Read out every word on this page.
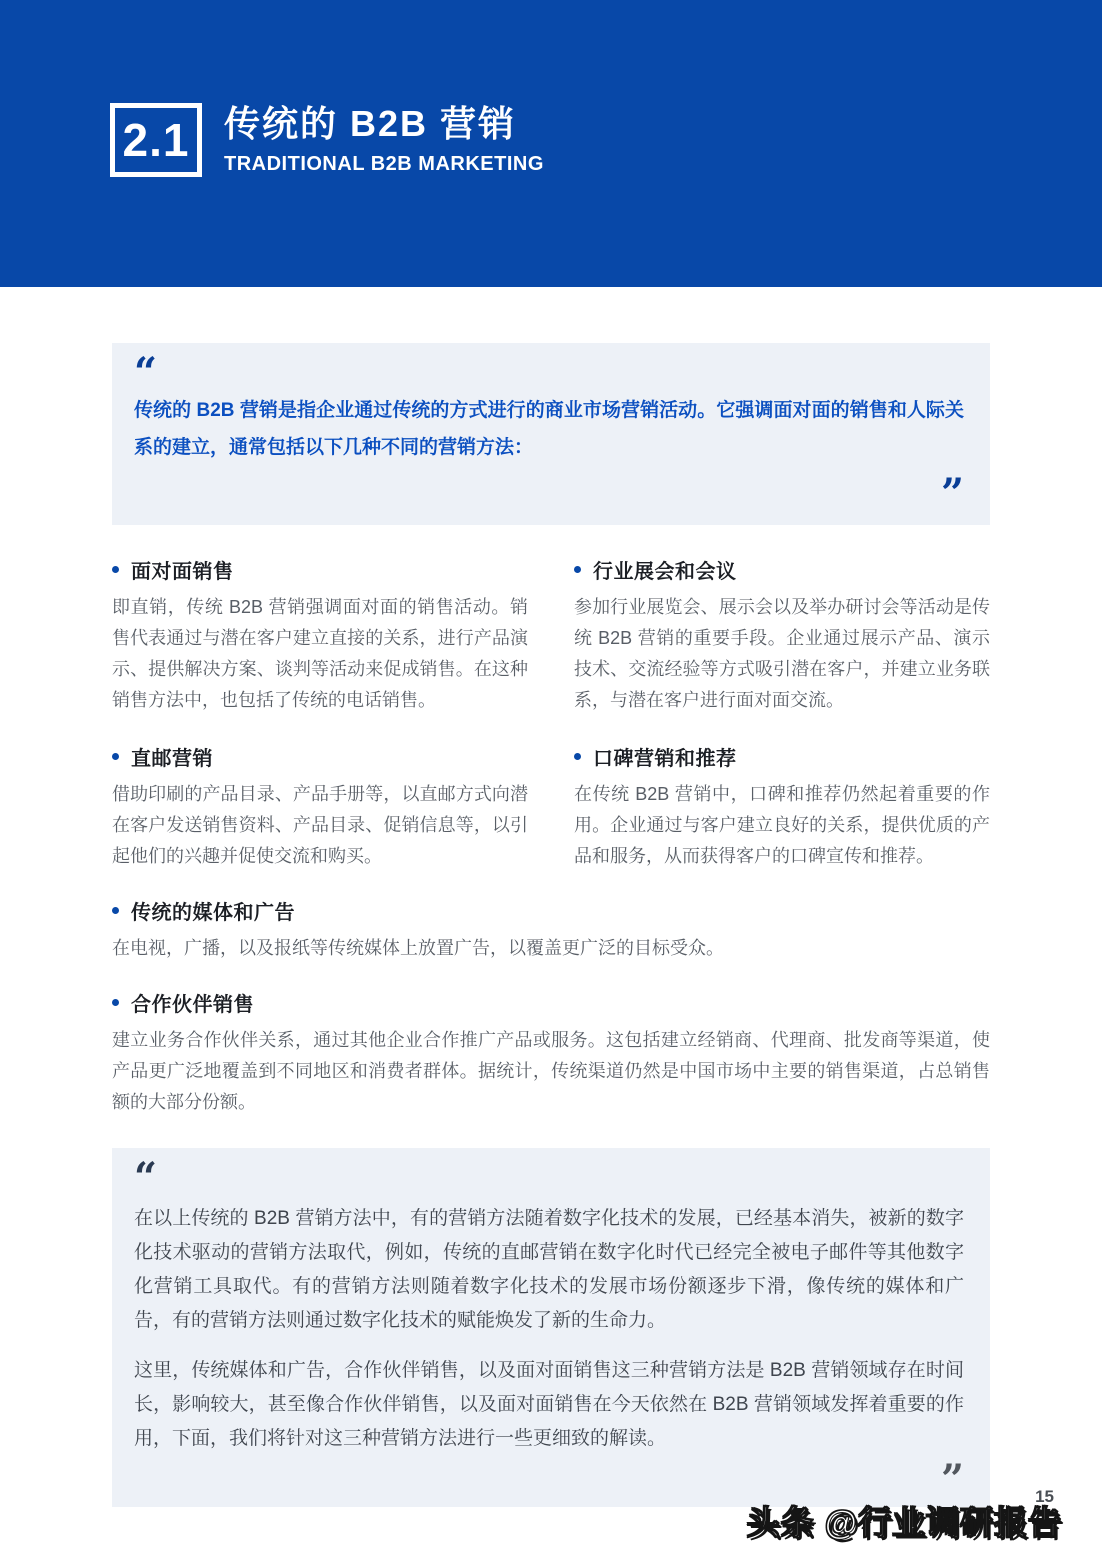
2.1 传统的 B2B 营销
TRADITIONAL B2B MARKETING
“

传统的 B2B 营销是指企业通过传统的方式进行的商业市场营销活动。它强调面对面的销售和人际关系的建立，通常包括以下几种不同的营销方法：

”
面对面销售

即直销，传统 B2B 营销强调面对面的销售活动。销售代表通过与潜在客户建立直接的关系，进行产品演示、提供解决方案、谈判等活动来促成销售。在这种销售方法中，也包括了传统的电话销售。

行业展会和会议

参加行业展览会、展示会以及举办研讨会等活动是传统 B2B 营销的重要手段。企业通过展示产品、演示技术、交流经验等方式吸引潜在客户，并建立业务联系，与潜在客户进行面对面交流。

直邮营销

借助印刷的产品目录、产品手册等，以直邮方式向潜在客户发送销售资料、产品目录、促销信息等，以引起他们的兴趣并促使交流和购买。

口碑营销和推荐

在传统 B2B 营销中，口碑和推荐仍然起着重要的作用。企业通过与客户建立良好的关系，提供优质的产品和服务，从而获得客户的口碑宣传和推荐。

传统的媒体和广告

在电视，广播，以及报纸等传统媒体上放置广告，以覆盖更广泛的目标受众。

合作伙伴销售

建立业务合作伙伴关系，通过其他企业合作推广产品或服务。这包括建立经销商、代理商、批发商等渠道，使产品更广泛地覆盖到不同地区和消费者群体。据统计，传统渠道仍然是中国市场中主要的销售渠道，占总销售额的大部分份额。

“

在以上传统的 B2B 营销方法中，有的营销方法随着数字化技术的发展，已经基本消失，被新的数字化技术驱动的营销方法取代，例如，传统的直邮营销在数字化时代已经完全被电子邮件等其他数字化营销工具取代。有的营销方法则随着数字化技术的发展市场份额逐步下滑，像传统的媒体和广告，有的营销方法则通过数字化技术的赋能焕发了新的生命力。

这里，传统媒体和广告，合作伙伴销售，以及面对面销售这三种营销方法是 B2B 营销领域存在时间长，影响较大，甚至像合作伙伴销售，以及面对面销售在今天依然在 B2B 营销领域发挥着重要的作用，下面，我们将针对这三种营销方法进行一些更细致的解读。

”	15
头条 @行业调研报告
